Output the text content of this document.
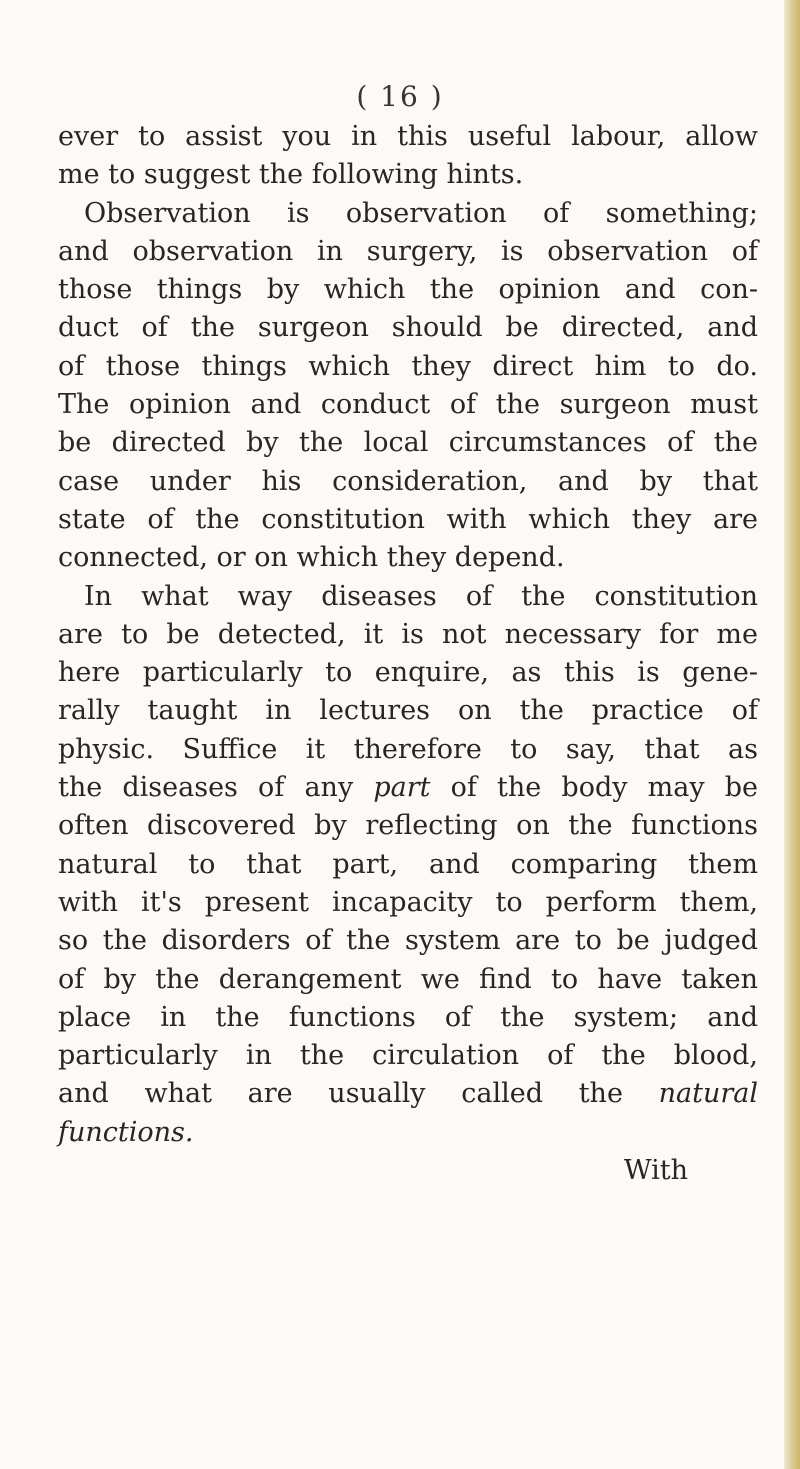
( 16 )
ever to assist you in this useful labour, allow
me to suggest the following hints.
Observation is observation of something;
and observation in surgery, is observation of
those things by which the opinion and con-
duct of the surgeon should be directed, and
of those things which they direct him to do.
The opinion and conduct of the surgeon must
be directed by the local circumstances of the
case under his consideration, and by that
state of the constitution with which they are
connected, or on which they depend.
In what way diseases of the constitution
are to be detected, it is not necessary for me
here particularly to enquire, as this is gene-
rally taught in lectures on the practice of
physic. Suffice it therefore to say, that as
the diseases of any part of the body may be
often discovered by reflecting on the functions
natural to that part, and comparing them
with it's present incapacity to perform them,
so the disorders of the system are to be judged
of by the derangement we find to have taken
place in the functions of the system; and
particularly in the circulation of the blood,
and what are usually called the natural
functions.
With
